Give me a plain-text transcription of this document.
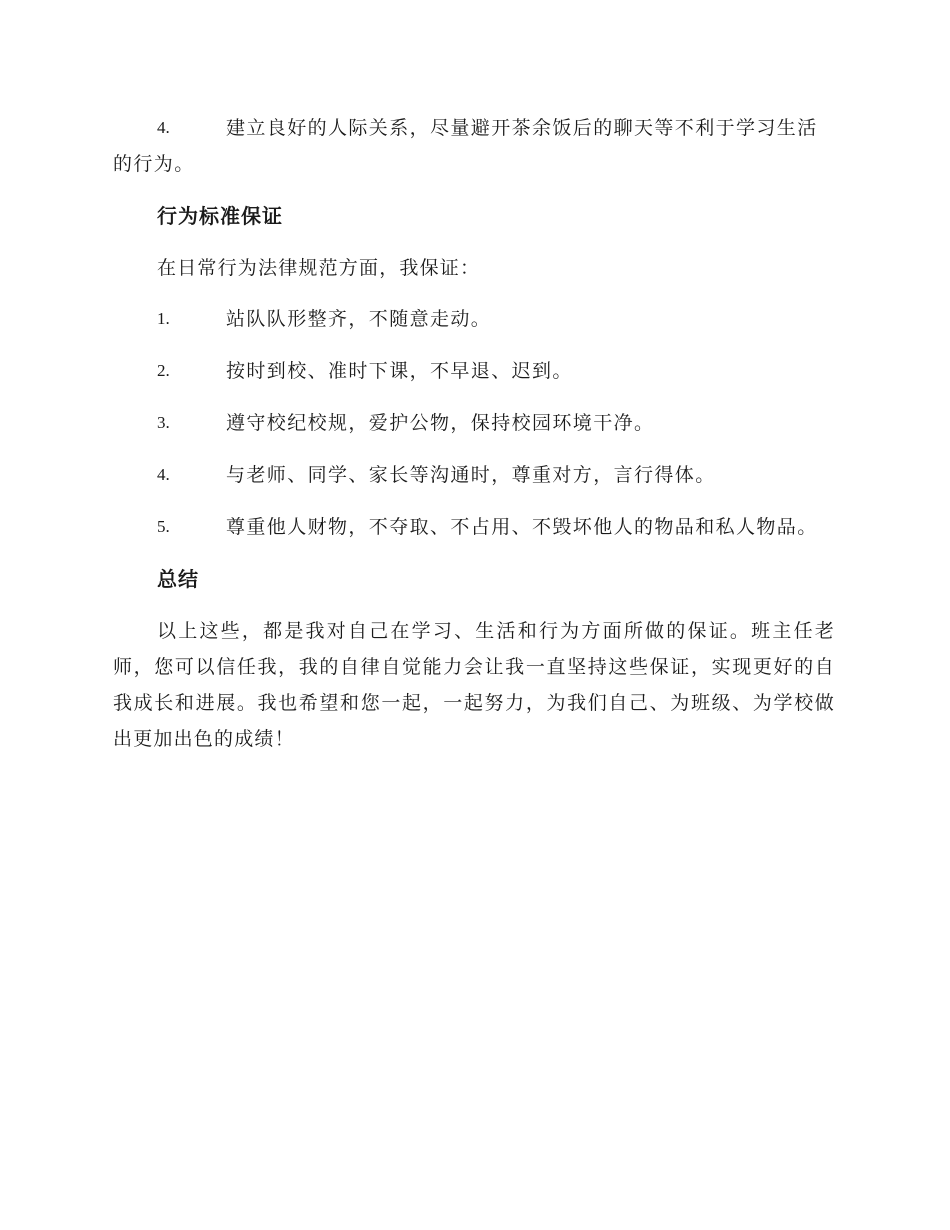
4.	建立良好的人际关系，尽量避开茶余饭后的聊天等不利于学习生活的行为。
行为标准保证

在日常行为法律规范方面，我保证：

1.	站队队形整齐，不随意走动。
2.	按时到校、准时下课，不早退、迟到。
3.	遵守校纪校规，爱护公物，保持校园环境干净。
4.	与老师、同学、家长等沟通时，尊重对方，言行得体。
5.	尊重他人财物，不夺取、不占用、不毁坏他人的物品和私人物品。
总结

以上这些，都是我对自己在学习、生活和行为方面所做的保证。班主任老师，您可以信任我，我的自律自觉能力会让我一直坚持这些保证，实现更好的自我成长和进展。我也希望和您一起，一起努力，为我们自己、为班级、为学校做出更加出色的成绩！
